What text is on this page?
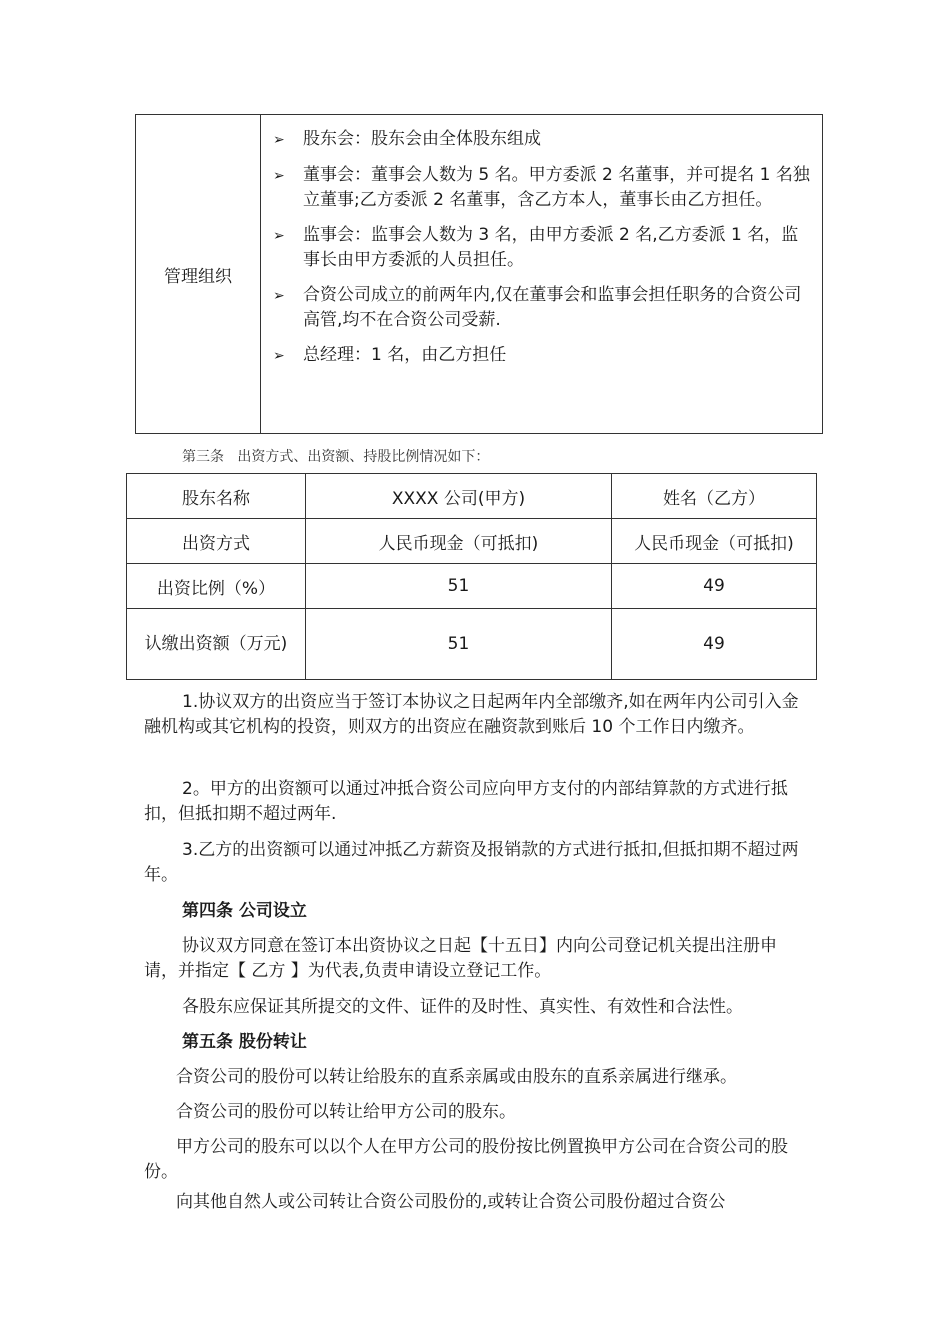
管理组织
➢	股东会：股东会由全体股东组成
➢	董事会：董事会人数为 5 名。甲方委派 2 名董事，并可提名 1 名独立董事;乙方委派 2 名董事，含乙方本人，董事长由乙方担任。
➢	监事会：监事会人数为 3 名，由甲方委派 2 名,乙方委派 1 名，监事长由甲方委派的人员担任。
➢	合资公司成立的前两年内,仅在董事会和监事会担任职务的合资公司高管,均不在合资公司受薪.
➢	总经理：1 名，由乙方担任
第三条   出资方式、出资额、持股比例情况如下：
股东名称	XXXX 公司(甲方)	姓名（乙方）
出资方式	人民币现金（可抵扣)	人民币现金（可抵扣)
出资比例（%）	51	49
认缴出资额（万元)	51	49
1.协议双方的出资应当于签订本协议之日起两年内全部缴齐,如在两年内公司引入金融机构或其它机构的投资，则双方的出资应在融资款到账后 10 个工作日内缴齐。
2。甲方的出资额可以通过冲抵合资公司应向甲方支付的内部结算款的方式进行抵扣，但抵扣期不超过两年.
3.乙方的出资额可以通过冲抵乙方薪资及报销款的方式进行抵扣,但抵扣期不超过两年。
第四条 公司设立
协议双方同意在签订本出资协议之日起【十五日】内向公司登记机关提出注册申请，并指定【 乙方 】为代表,负责申请设立登记工作。
各股东应保证其所提交的文件、证件的及时性、真实性、有效性和合法性。
第五条 股份转让
合资公司的股份可以转让给股东的直系亲属或由股东的直系亲属进行继承。
合资公司的股份可以转让给甲方公司的股东。
甲方公司的股东可以以个人在甲方公司的股份按比例置换甲方公司在合资公司的股份。
向其他自然人或公司转让合资公司股份的,或转让合资公司股份超过合资公
